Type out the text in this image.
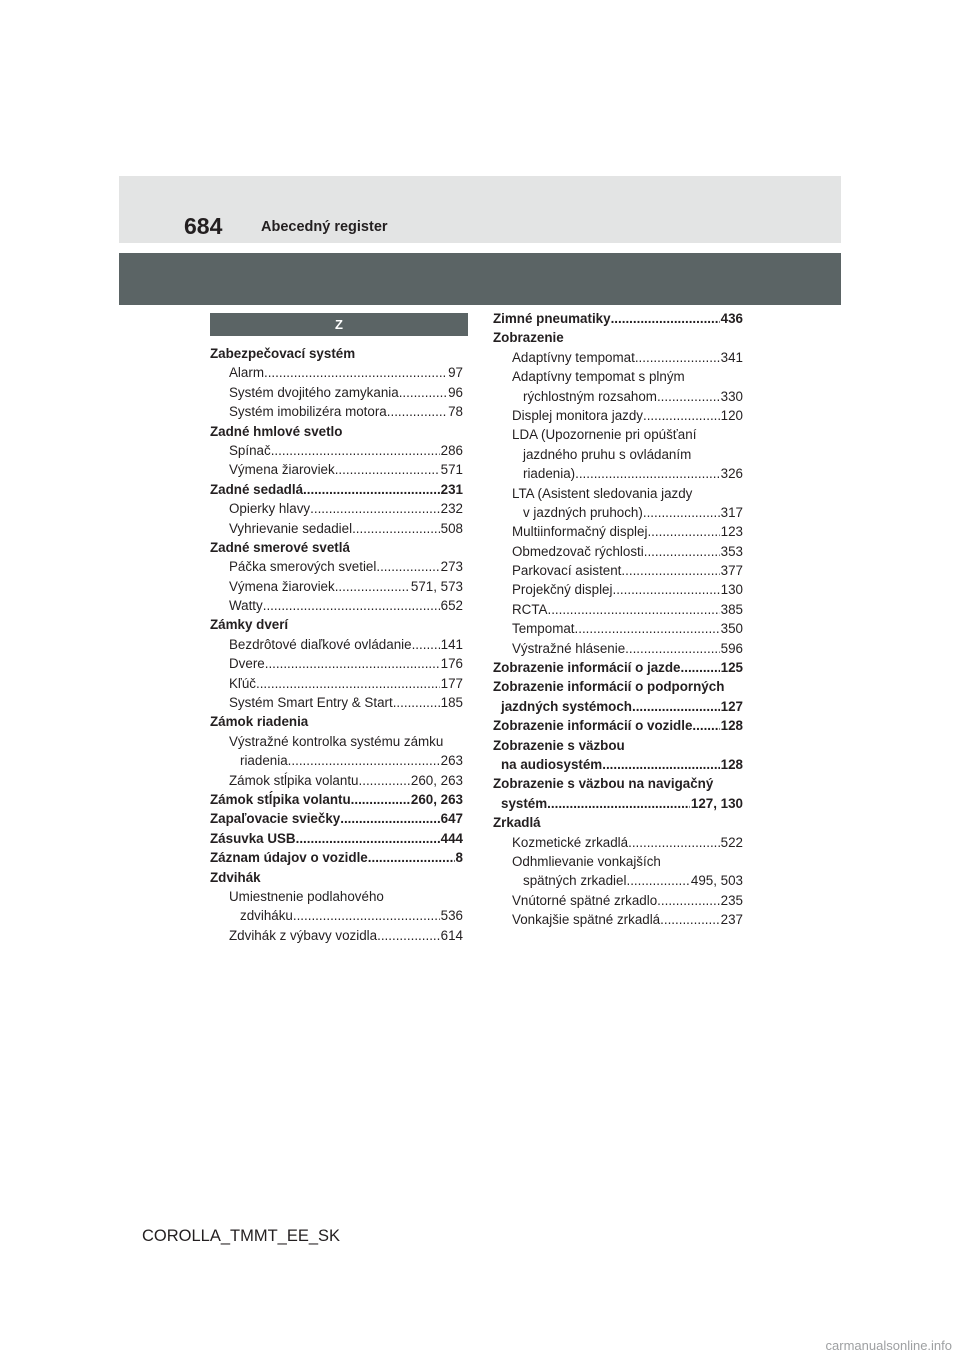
684	Abecedný register
Z
Zabezpečovací systém
Alarm .....	97
Systém dvojitého zamykania .....	96
Systém imobilizéra motora .....	78
Zadné hmlové svetlo
Spínač .....	286
Výmena žiaroviek .....	571
Zadné sedadlá .....	231
Opierky hlavy .....	232
Vyhrievanie sedadiel .....	508
Zadné smerové svetlá
Páčka smerových svetiel .....	273
Výmena žiaroviek .....	571, 573
Watty .....	652
Zámky dverí
Bezdrôtové diaľkové ovládanie ..... 141
Dvere .....	176
Kľúč .....	177
Systém Smart Entry & Start .....	185
Zámok riadenia
Výstražné kontrolka systému zámku
riadenia .....	263
Zámok stĺpika volantu .....	260, 263
Zámok stĺpika volantu .....	260, 263
Zapaľovacie sviečky .....	647
Zásuvka USB .....	444
Záznam údajov o vozidle .....	8
Zdvihák
Umiestnenie podlahového
zdviháku .....	536
Zdvihák z výbavy vozidla .....	614
Zimné pneumatiky .....	436
Zobrazenie
Adaptívny tempomat .....	341
Adaptívny tempomat s plným
rýchlostným rozsahom .....	330
Displej monitora jazdy .....	120
LDA (Upozornenie pri opúšťaní
jazdného pruhu s ovládaním
riadenia) .....	326
LTA (Asistent sledovania jazdy
v jazdných pruhoch) .....	317
Multiinformačný displej .....	123
Obmedzovač rýchlosti .....	353
Parkovací asistent .....	377
Projekčný displej .....	130
RCTA .....	385
Tempomat .....	350
Výstražné hlásenie .....	596
Zobrazenie informácií o jazde .....	125
Zobrazenie informácií o podporných
jazdných systémoch .....	127
Zobrazenie informácií o vozidle ..... 128
Zobrazenie s väzbou
na audiosystém .....	128
Zobrazenie s väzbou na navigačný
systém .....	127, 130
Zrkadlá
Kozmetické zrkadlá .....	522
Odhmlievanie vonkajších
spätných zrkadiel .....	495, 503
Vnútorné spätné zrkadlo .....	235
Vonkajšie spätné zrkadlá .....	237
COROLLA_TMMT_EE_SK
carmanualsonline.info
